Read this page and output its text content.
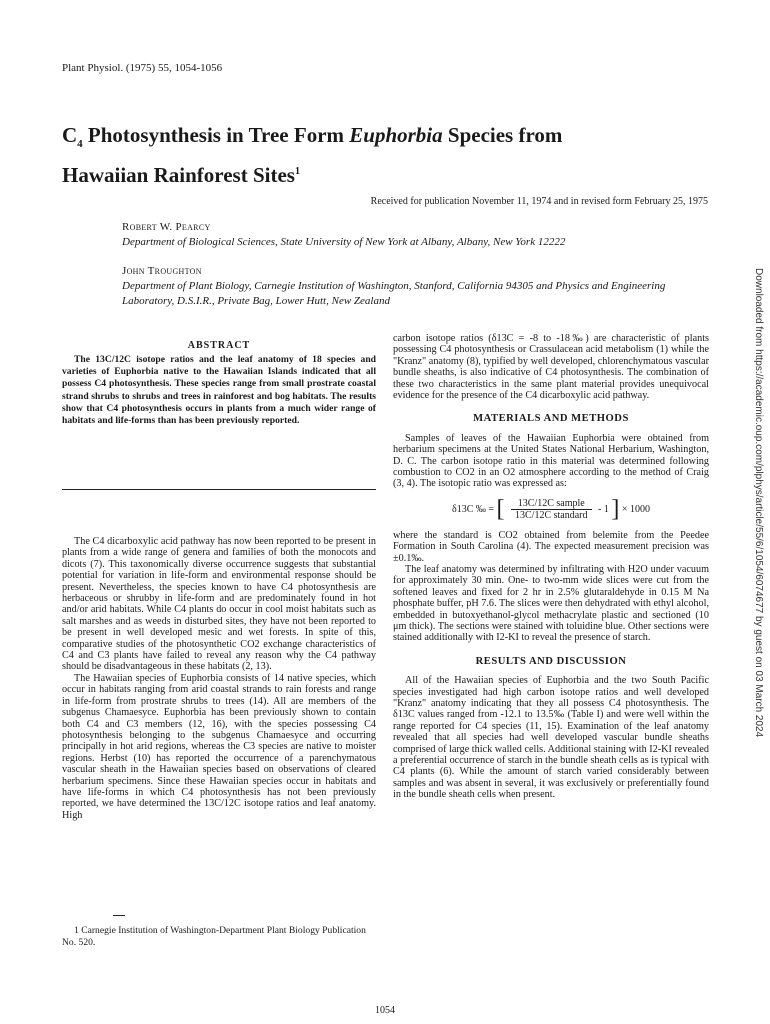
Plant Physiol. (1975) 55, 1054-1056
$C_4$ Photosynthesis in Tree Form Euphorbia Species from
Hawaiian Rainforest Sites$^1$
Received for publication November 11, 1974 and in revised form February 25, 1975
Robert W. Pearcy
Department of Biological Sciences, State University of New York at Albany, Albany, New York 12222
John Troughton
Department of Plant Biology, Carnegie Institution of Washington, Stanford, California 94305 and Physics and Engineering Laboratory, D.S.I.R., Private Bag, Lower Hutt, New Zealand	Downloaded from https://academic.oup.com/plphys/article/55/6/1054/6074677 by guest on 03 March 2024
ABSTRACT

The 13C/12C isotope ratios and the leaf anatomy of 18 species and varieties of Euphorbia native to the Hawaiian Islands indicated that all possess C4 photosynthesis. These species range from small prostrate coastal strand shrubs to shrubs and trees in rainforest and bog habitats. The results show that C4 photosynthesis occurs in plants from a much wider range of habitats and life-forms than has been previously reported.

The C4 dicarboxylic acid pathway has now been reported to be present in plants from a wide range of genera and families of both the monocots and dicots (7). This taxonomically diverse occurrence suggests that substantial potential for variation in life-form and environmental response should be present. Nevertheless, the species known to have C4 photosynthesis are herbaceous or shrubby in life-form and are predominately found in hot and/or arid habitats. While C4 plants do occur in cool moist habitats such as salt marshes and as weeds in disturbed sites, they have not been reported to be present in well developed mesic and wet forests. In spite of this, comparative studies of the photosynthetic CO2 exchange characteristics of C4 and C3 plants have failed to reveal any reason why the C4 pathway should be disadvantageous in these habitats (2, 13).

The Hawaiian species of Euphorbia consists of 14 native species, which occur in habitats ranging from arid coastal strands to rain forests and range in life-form from prostrate shrubs to trees (14). All are members of the subgenus Chamaesyce. Euphorbia has been previously shown to contain both C4 and C3 members (12, 16), with the species possessing C4 photosynthesis belonging to the subgenus Chamaesyce and occurring principally in hot arid regions, whereas the C3 species are native to moister regions. Herbst (10) has reported the occurrence of a parenchymatous vascular sheath in the Hawaiian species based on observations of cleared herbarium specimens. Since these Hawaiian species occur in habitats and have life-forms in which C4 photosynthesis has not been previously reported, we have determined the 13C/12C isotope ratios and leaf anatomy. High

carbon isotope ratios (δ13C = -8 to -18‰) are characteristic of plants possessing C4 photosynthesis or Crassulacean acid metabolism (1) while the "Kranz" anatomy (8), typified by well developed, chlorenchymatous vascular bundle sheaths, is also indicative of C4 photosynthesis. The combination of these two characteristics in the same plant material provides unequivocal evidence for the presence of the C4 dicarboxylic acid pathway.

MATERIALS AND METHODS

Samples of leaves of the Hawaiian Euphorbia were obtained from herbarium specimens at the United States National Herbarium, Washington, D. C. The carbon isotope ratio in this material was determined following combustion to CO2 in an O2 atmosphere according to the method of Craig (3, 4). The isotopic ratio was expressed as:

δ13C ‰ = [ $\frac{\text{13C/12C sample}}{\text{13C/12C standard}} - 1$ ] × 1000

where the standard is CO2 obtained from belemite from the Peedee Formation in South Carolina (4). The expected measurement precision was ±0.1‰.

The leaf anatomy was determined by infiltrating with H2O under vacuum for approximately 30 min. One- to two-mm wide slices were cut from the softened leaves and fixed for 2 hr in 2.5% glutaraldehyde in 0.15 M Na phosphate buffer, pH 7.6. The slices were then dehydrated with ethyl alcohol, embedded in butoxyethanol-glycol methacrylate plastic and sectioned (10 μm thick). The sections were stained with toluidine blue. Other sections were stained additionally with I2-KI to reveal the presence of starch.

RESULTS AND DISCUSSION

All of the Hawaiian species of Euphorbia and the two South Pacific species investigated had high carbon isotope ratios and well developed "Kranz" anatomy indicating that they all possess C4 photosynthesis. The δ13C values ranged from -12.1 to 13.5‰ (Table I) and were well within the range reported for C4 species (11, 15). Examination of the leaf anatomy revealed that all species had well developed vascular bundle sheaths comprised of large thick walled cells. Additional staining with I2-KI revealed a preferential occurrence of starch in the bundle sheath cells as is typical with C4 plants (6). While the amount of starch varied considerably between samples and was absent in several, it was exclusively or preferentially found in the bundle sheath cells when present.

1 Carnegie Institution of Washington-Department Plant Biology Publication No. 520.

1054
